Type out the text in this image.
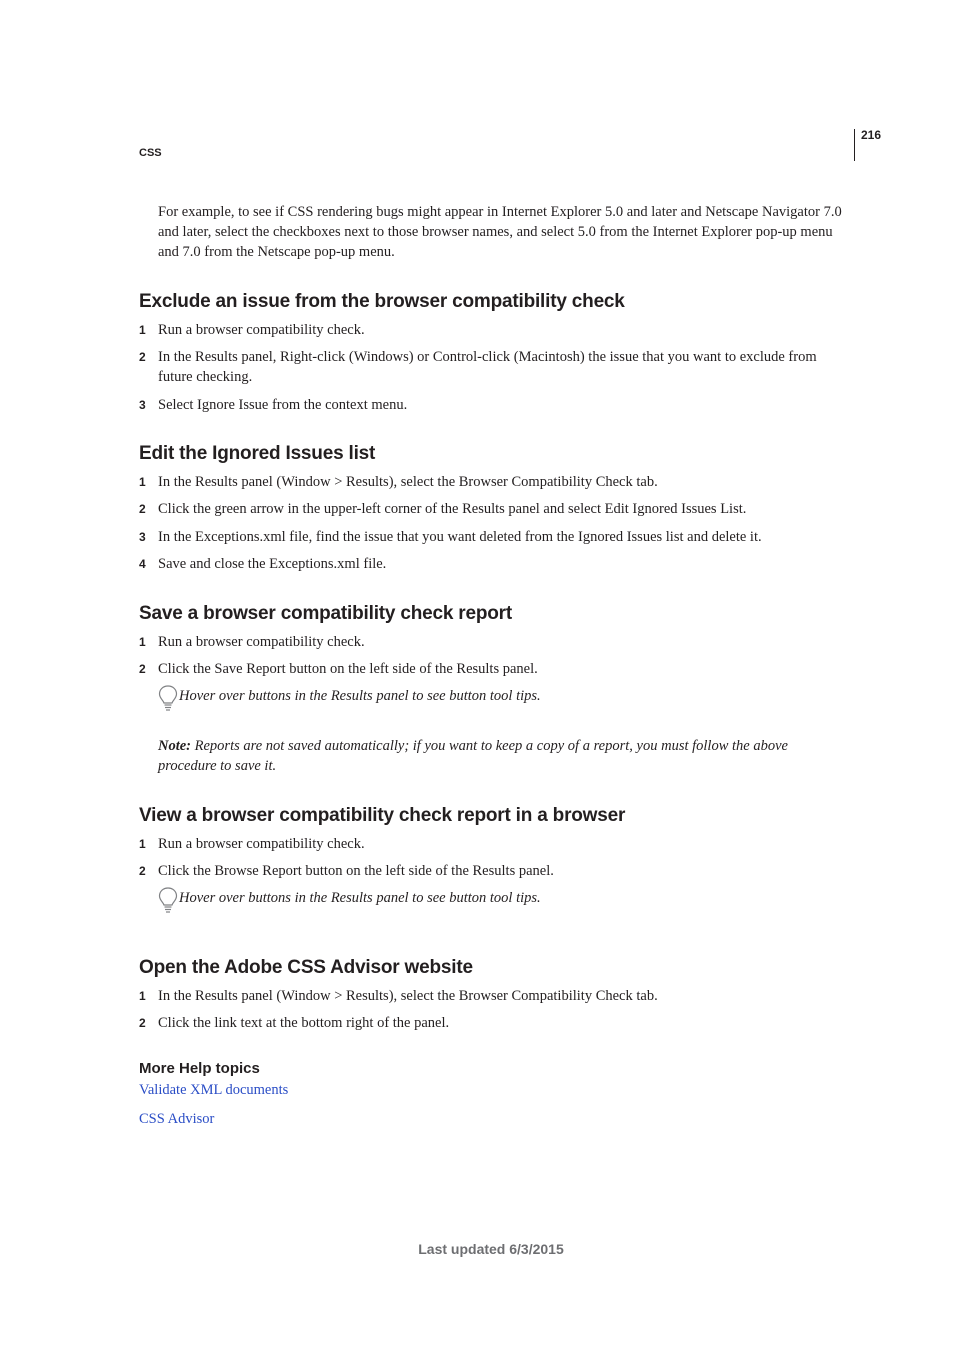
216
CSS
For example, to see if CSS rendering bugs might appear in Internet Explorer 5.0 and later and Netscape Navigator 7.0 and later, select the checkboxes next to those browser names, and select 5.0 from the Internet Explorer pop-up menu and 7.0 from the Netscape pop-up menu.
Exclude an issue from the browser compatibility check
1 Run a browser compatibility check.
2 In the Results panel, Right-click (Windows) or Control-click (Macintosh) the issue that you want to exclude from future checking.
3 Select Ignore Issue from the context menu.
Edit the Ignored Issues list
1 In the Results panel (Window > Results), select the Browser Compatibility Check tab.
2 Click the green arrow in the upper-left corner of the Results panel and select Edit Ignored Issues List.
3 In the Exceptions.xml file, find the issue that you want deleted from the Ignored Issues list and delete it.
4 Save and close the Exceptions.xml file.
Save a browser compatibility check report
1 Run a browser compatibility check.
2 Click the Save Report button on the left side of the Results panel.
Hover over buttons in the Results panel to see button tool tips.
Note: Reports are not saved automatically; if you want to keep a copy of a report, you must follow the above procedure to save it.
View a browser compatibility check report in a browser
1 Run a browser compatibility check.
2 Click the Browse Report button on the left side of the Results panel.
Hover over buttons in the Results panel to see button tool tips.
Open the Adobe CSS Advisor website
1 In the Results panel (Window > Results), select the Browser Compatibility Check tab.
2 Click the link text at the bottom right of the panel.
More Help topics
Validate XML documents
CSS Advisor
Last updated 6/3/2015
